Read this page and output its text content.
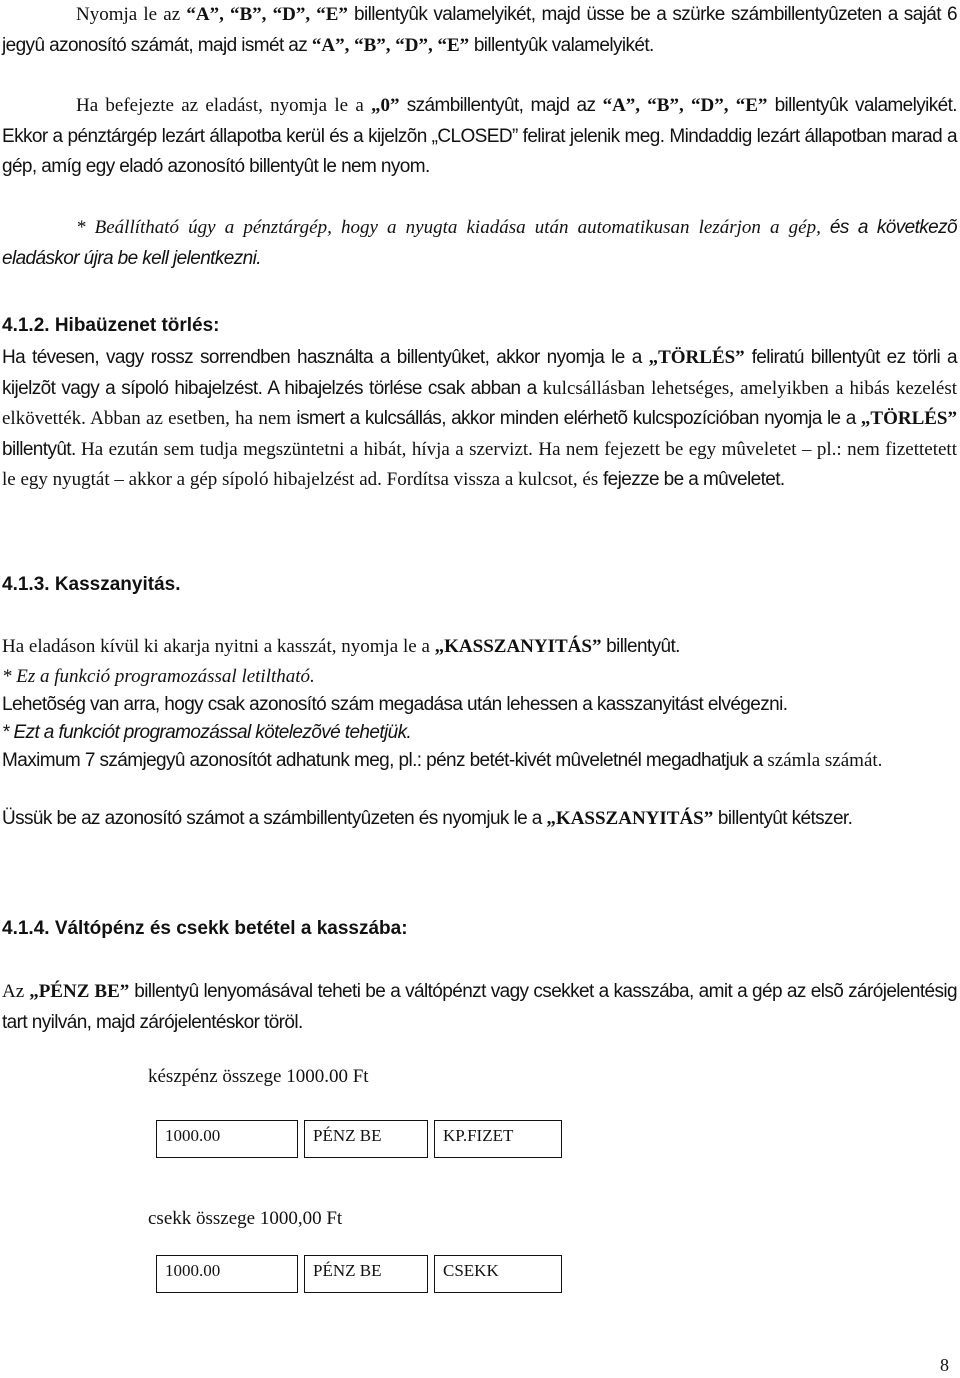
Nyomja le az “A”, “B”, “D”, “E” billentyûk valamelyikét, majd üsse be a szürke számbillentyûzeten a saját 6 jegyû azonosító számát, majd ismét az “A”, “B”, “D”, “E” billentyûk valamelyikét.

Ha befejezte az eladást, nyomja le a „0” számbillentyût, majd az “A”, “B”, “D”, “E” billentyûk valamelyikét. Ekkor a pénztárgép lezárt állapotba kerül és a kijelzõn „CLOSED” felirat jelenik meg. Mindaddig lezárt állapotban marad a gép, amíg egy eladó azonosító billentyût le nem nyom.

* Beállítható úgy a pénztárgép, hogy a nyugta kiadása után automatikusan lezárjon a gép, és a következõ eladáskor újra be kell jelentkezni.

4.1.2. Hibaüzenet törlés:

Ha tévesen, vagy rossz sorrendben használta a billentyûket, akkor nyomja le a „TÖRLÉS” feliratú billentyût ez törli a kijelzõt vagy a sípoló hibajelzést. A hibajelzés törlése csak abban a kulcsállásban lehetséges, amelyikben a hibás kezelést elkövették. Abban az esetben, ha nem ismert a kulcsállás, akkor minden elérhetõ kulcspozícióban nyomja le a „TÖRLÉS” billentyût. Ha ezután sem tudja megszüntetni a hibát, hívja a szervizt. Ha nem fejezett be egy mûveletet – pl.: nem fizettetett le egy nyugtát – akkor a gép sípoló hibajelzést ad. Fordítsa vissza a kulcsot, és fejezze be a mûveletet.

4.1.3. Kasszanyitás.

Ha eladáson kívül ki akarja nyitni a kasszát, nyomja le a „KASSZANYITÁS” billentyût.

* Ez a funkció programozással letiltható.

Lehetõség van arra, hogy csak azonosító szám megadása után lehessen a kasszanyitást elvégezni.

* Ezt a funkciót programozással kötelezõvé tehetjük.

Maximum 7 számjegyû azonosítót adhatunk meg, pl.: pénz betét-kivét mûveletnél megadhatjuk a számla számát.

Üssük be az azonosító számot a számbillentyûzeten és nyomjuk le a „KASSZANYITÁS” billentyût kétszer.

4.1.4. Váltópénz és csekk betétel a kasszába:

Az „PÉNZ BE” billentyû lenyomásával teheti be a váltópénzt vagy csekket a kasszába, amit a gép az elsõ zárójelentésig tart nyilván, majd zárójelentéskor töröl.

készpénz összege 1000.00 Ft

1000.00	PÉNZ BE	KP.FIZET

csekk összege 1000,00 Ft

1000.00	PÉNZ BE	CSEKK
8
